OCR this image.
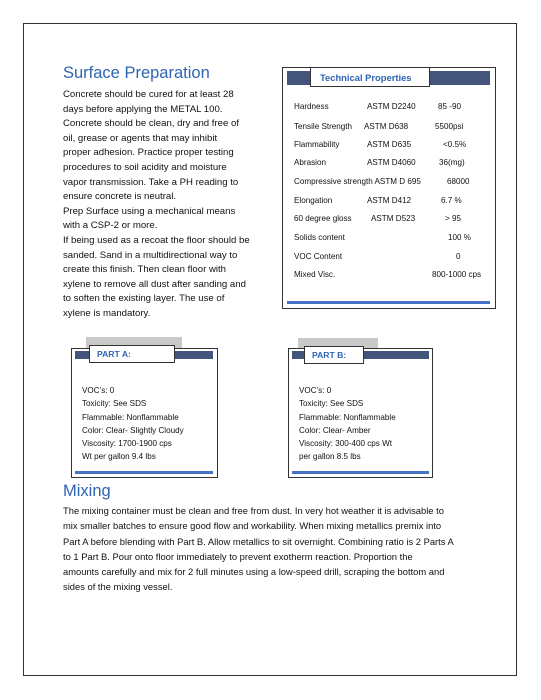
Surface Preparation
Concrete should be cured for at least 28
days before applying the METAL 100.
Concrete should be clean, dry and free of
oil, grease or agents that may inhibit
proper adhesion. Practice proper testing
procedures to soil acidity and moisture
vapor transmission. Take a PH reading to
ensure concrete is neutral.
Prep Surface using a mechanical means
with a CSP-2 or more.
If being used as a recoat the floor should be
sanded. Sand in a multidirectional way to
create this finish. Then clean floor with
xylene to remove all dust after sanding and
to soften the existing layer. The use of
xylene is mandatory.
Technical Properties
Hardness	ASTM D2240	85 -90
Tensile Strength ASTM D638	5500psi
Flammability	ASTM D635	<0.5%
Abrasion	ASTM D4060	36(mg)
Compressive strength ASTM D 695	68000
Elongation	ASTM D412	6.7 %
60 degree gloss ASTM D523	> 95
Solids content	100 %
VOC Content	0
Mixed Visc.	800-1000 cps
PART A:
VOC’s: 0
Toxicity: See SDS
Flammable: Nonflammable
Color: Clear- Slightly Cloudy
Viscosity: 1700-1900 cps
Wt per gallon 9.4 lbs
PART B:
VOC’s: 0
Toxicity: See SDS
Flammable: Nonflammable
Color: Clear- Amber
Viscosity: 300-400 cps Wt
per gallon 8.5 lbs
Mixing
The mixing container must be clean and free from dust. In very hot weather it is advisable to
mix smaller batches to ensure good flow and workability. When mixing metallics premix into
Part A before blending with Part B. Allow metallics to sit overnight. Combining ratio is 2 Parts A
to 1 Part B. Pour onto floor immediately to prevent exotherm reaction. Proportion the
amounts carefully and mix for 2 full minutes using a low-speed drill, scraping the bottom and
sides of the mixing vessel.
